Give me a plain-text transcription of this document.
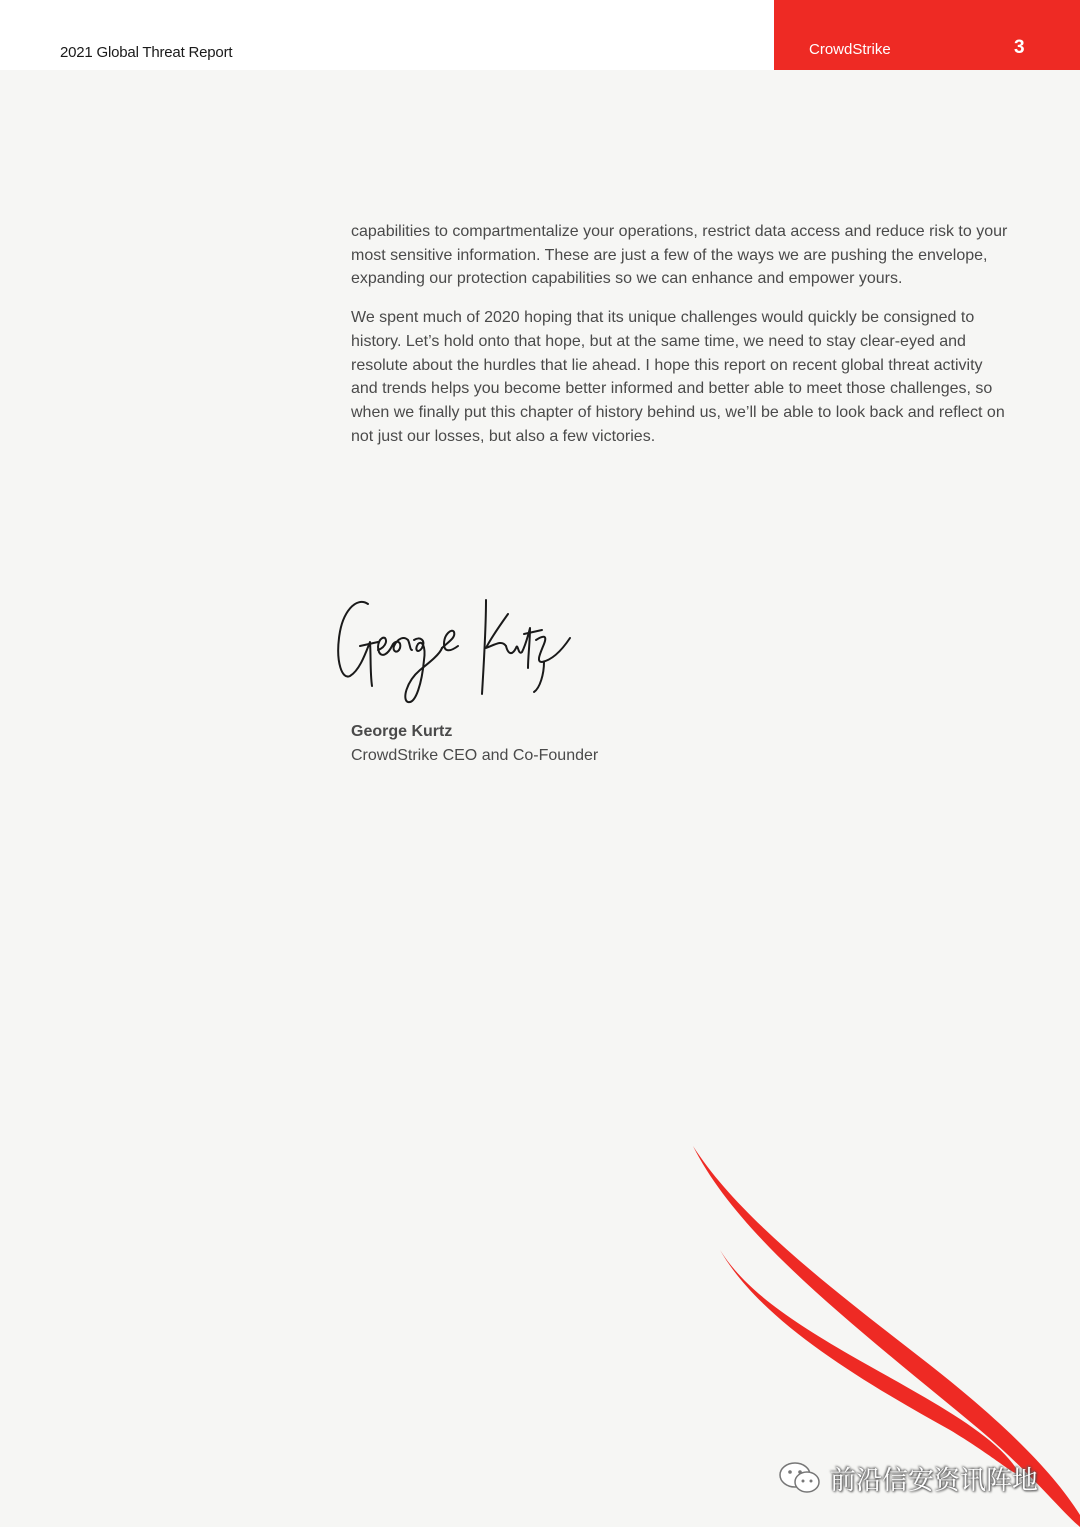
2021 Global Threat Report	CrowdStrike	3

capabilities to compartmentalize your operations, restrict data access and reduce risk to your most sensitive information. These are just a few of the ways we are pushing the envelope, expanding our protection capabilities so we can enhance and empower yours.

We spent much of 2020 hoping that its unique challenges would quickly be consigned to history. Let’s hold onto that hope, but at the same time, we need to stay clear-eyed and resolute about the hurdles that lie ahead. I hope this report on recent global threat activity and trends helps you become better informed and better able to meet those challenges, so when we finally put this chapter of history behind us, we’ll be able to look back and reflect on not just our losses, but also a few victories.

George Kurtz
CrowdStrike CEO and Co-Founder
前沿信安资讯阵地
